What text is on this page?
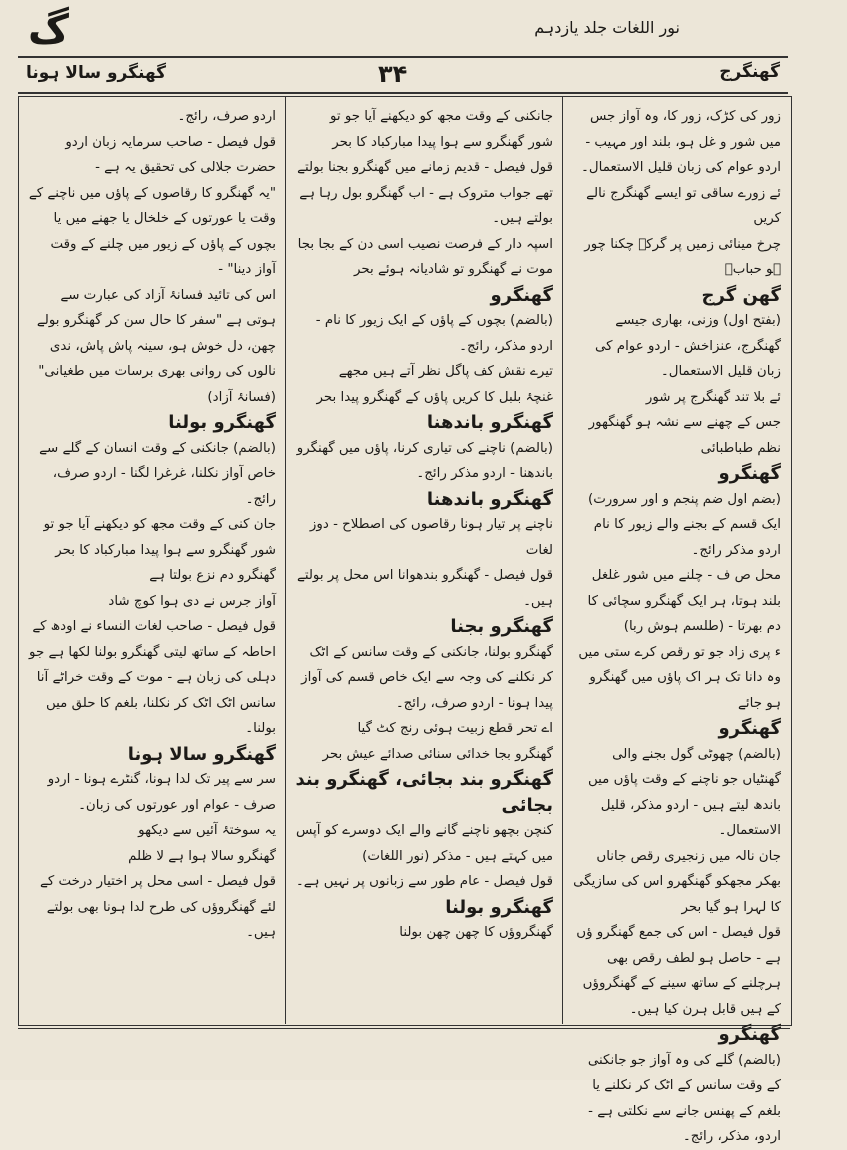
گ	نور اللغات جلد یازدہم
گھنگرو سالا ہونا	۳۴	گھنگرج

زور کی کڑک، زور کا، وہ آواز جس میں شور و غل ہو، بلند اور مہیب - اردو عوام کی زبان قلیل الاستعمال۔

ئے زورے ساقی تو ایسے گھنگرج نالے کریں

چرخ مینائی زمیں پر گرکے چکنا چور ہو حبابؔ

گھن گرج

(بفتح اول) وزنی، بھاری جیسے گھنگرج، عنزاخش - اردو عوام کی زبان قلیل الاستعمال۔

ئے بلا تند گھنگرج پر شور

جس کے چھنے سے نشہ ہو گھنگھور نظم طباطبائی

گھنگرو

(بضم اول ضم پنجم و اور سرورت) ایک قسم کے بجنے والے زیور کا نام اردو مذکر رائج۔

محل ص ف - چلنے میں شور غلغل بلند ہوتا، ہر ایک گھنگرو سچائی کا دم بھرتا - (طلسم ہوش ربا)

ء پری زاد جو تو رقص کرے ستی میں

وہ دانا تک ہر اک پاؤں میں گھنگرو ہو جائے

گھنگرو

(بالضم) چھوٹی گول بجنے والی گھنٹیاں جو ناچنے کے وقت پاؤں میں باندھ لیتے ہیں - اردو مذکر، قلیل الاستعمال۔

جان نالہ میں زنجیری رقص جاناں بھکر مجھکو گھنگھرو اس کی سازیگی کا لہرا ہو گیا بحر

قول فیصل - اس کی جمع گھنگرو ؤں ہے - حاصل ہو لطف رقص بھی ہرچلنے کے ساتھ سینے کے گھنگروؤں کے ہیں قابل ہرن کیا ہیں۔

گھنگرو

(بالضم) گلے کی وہ آواز جو جانکنی کے وقت سانس کے اٹک کر نکلنے یا بلغم کے پھنس جانے سے نکلتی ہے - اردو، مذکر، رائج۔

جانکنی کے وقت مجھ کو دیکھنے آیا جو تو

شور گھنگرو سے ہوا پیدا مبارکباد کا بحر

قول فیصل - قدیم زمانے میں گھنگرو بجنا بولتے تھے جواب متروک ہے - اب گھنگرو بول رہا ہے بولتے ہیں۔

اسپہ دار کے فرصت نصیب اسی دن کے بجا بجا موت نے گھنگرو تو شادیانہ ہوئے بحر

گھنگرو

(بالضم) بچوں کے پاؤں کے ایک زیور کا نام - اردو مذکر، رائج۔

تیرے نقش کف پاگل نظر آتے ہیں مجھے

غنچۂ بلبل کا کریں پاؤں کے گھنگرو پیدا بحر

گھنگرو باندھنا

(بالضم) ناچنے کی تیاری کرنا، پاؤں میں گھنگرو باندھنا - اردو مذکر رائج۔

گھنگرو باندھنا

ناچنے پر تیار ہونا رقاصوں کی اصطلاح - دوز لغات

قول فیصل - گھنگرو بندھوانا اس محل پر بولتے ہیں۔

گھنگرو بجنا

گھنگرو بولنا، جانکنی کے وقت سانس کے اٹک کر نکلنے کی وجہ سے ایک خاص قسم کی آواز پیدا ہونا - اردو صرف، رائج۔

اے تحر قطع زبیت ہوئی رنج کٹ گیا

گھنگرو بجا خدائی سنائی صدائے عیش بحر

گھنگرو بند بجائی، گھنگرو بند بجائی

کنچن بچھو ناچنے گانے والے ایک دوسرے کو آپس میں کہتے ہیں - مذکر (نور اللغات)

قول فیصل - عام طور سے زبانوں پر نہیں ہے۔

گھنگرو بولنا

گھنگروؤں کا چھن چھن بولنا

اردو صرف، رائج۔

قول فیصل - صاحب سرمایہ زبان اردو حضرت جلالی کی تحقیق یہ ہے -

"یہ گھنگرو کا رقاصوں کے پاؤں میں ناچنے کے وقت یا عورتوں کے خلخال یا جھنے میں یا بچوں کے پاؤں کے زیور میں چلنے کے وقت آواز دینا" -

اس کی تائید فسانۂ آزاد کی عبارت سے ہوتی ہے "سفر کا حال سن کر گھنگرو بولے چھن، دل خوش ہو، سینہ پاش پاش، ندی نالوں کی روانی بھری برسات میں طغیانی" (فسانۂ آزاد)

گھنگرو بولنا

(بالضم) جانکنی کے وقت انسان کے گلے سے خاص آواز نکلنا، غرغرا لگنا - اردو صرف، رائج۔

جان کنی کے وقت مجھ کو دیکھنے آیا جو تو

شور گھنگرو سے ہوا پیدا مبارکباد کا بحر

گھنگرو دم نزع بولتا ہے

آواز جرس نے دی ہوا کوچ شاد

قول فیصل - صاحب لغات النساء نے اودھ کے احاطہ کے ساتھ لیتی گھنگرو بولنا لکھا ہے جو دہلی کی زبان ہے - موت کے وقت خراٹے آنا سانس اٹک اٹک کر نکلنا، بلغم کا حلق میں بولنا۔

گھنگرو سالا ہونا

سر سے پیر تک لدا ہونا، گنٹرے ہونا - اردو صرف - عوام اور عورتوں کی زبان۔

یہ سوختۂ آئیں سے دیکھو

گھنگرو سالا ہوا ہے لا ظلم

قول فیصل - اسی محل پر اختیار درخت کے لئے گھنگروؤں کی طرح لدا ہونا بھی بولتے ہیں۔
